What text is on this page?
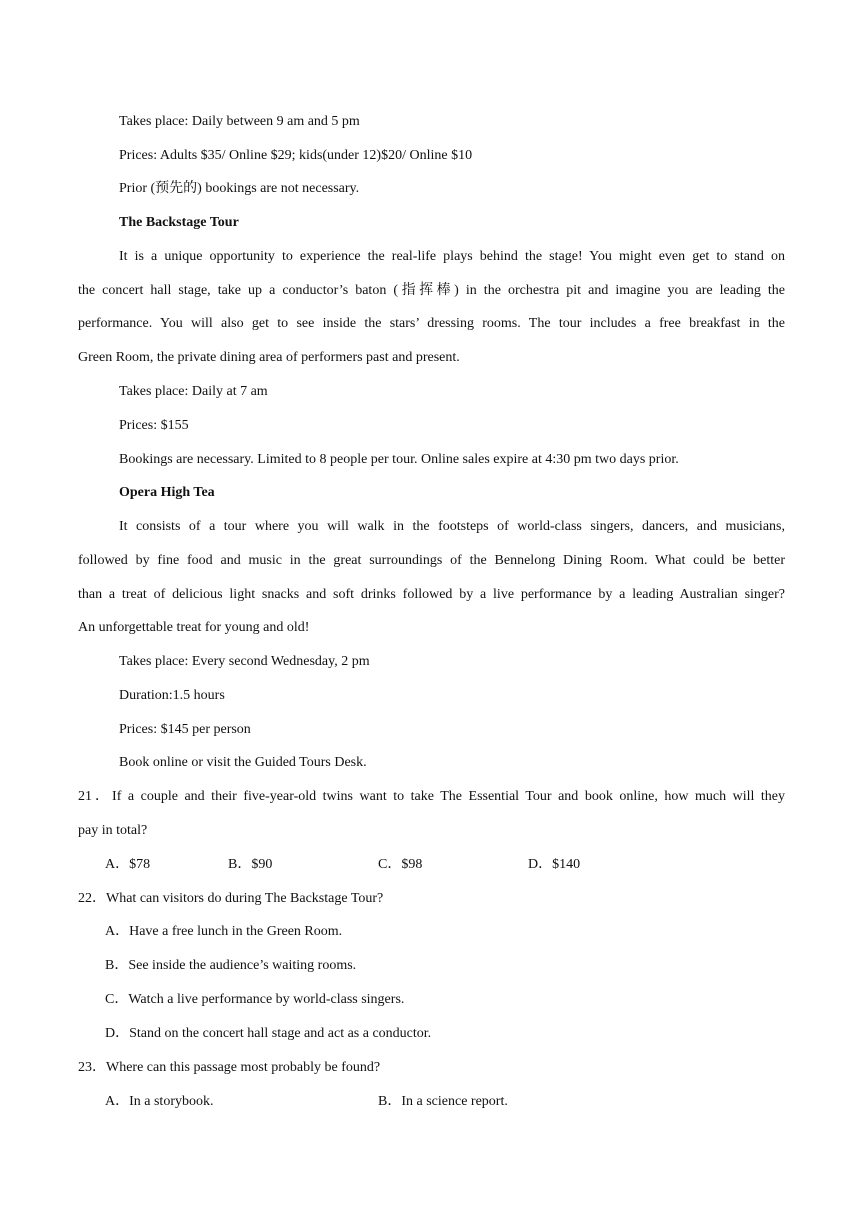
Takes place: Daily between 9 am and 5 pm
Prices: Adults $35/ Online $29; kids(under 12)$20/ Online $10
Prior (预先的) bookings are not necessary.
The Backstage Tour
It is a unique opportunity to experience the real-life plays behind the stage! You might even get to stand on
the concert hall stage, take up a conductor’s baton (指挥棒) in the orchestra pit and imagine you are leading the
performance. You will also get to see inside the stars’ dressing rooms. The tour includes a free breakfast in the
Green Room, the private dining area of performers past and present.
Takes place: Daily at 7 am
Prices: $155
Bookings are necessary. Limited to 8 people per tour. Online sales expire at 4:30 pm two days prior.
Opera High Tea
It consists of a tour where you will walk in the footsteps of world-class singers, dancers, and musicians,
followed by fine food and music in the great surroundings of the Bennelong Dining Room. What could be better
than a treat of delicious light snacks and soft drinks followed by a live performance by a leading Australian singer?
An unforgettable treat for young and old!
Takes place: Every second Wednesday, 2 pm
Duration:1.5 hours
Prices: $145 per person
Book online or visit the Guided Tours Desk.
21．If a couple and their five-year-old twins want to take The Essential Tour and book online, how much will they
pay in total?
A．$78	B．$90	C．$98	D．$140
22．What can visitors do during The Backstage Tour?
A．Have a free lunch in the Green Room.
B．See inside the audience’s waiting rooms.
C．Watch a live performance by world-class singers.
D．Stand on the concert hall stage and act as a conductor.
23．Where can this passage most probably be found?
A．In a storybook.	B．In a science report.
